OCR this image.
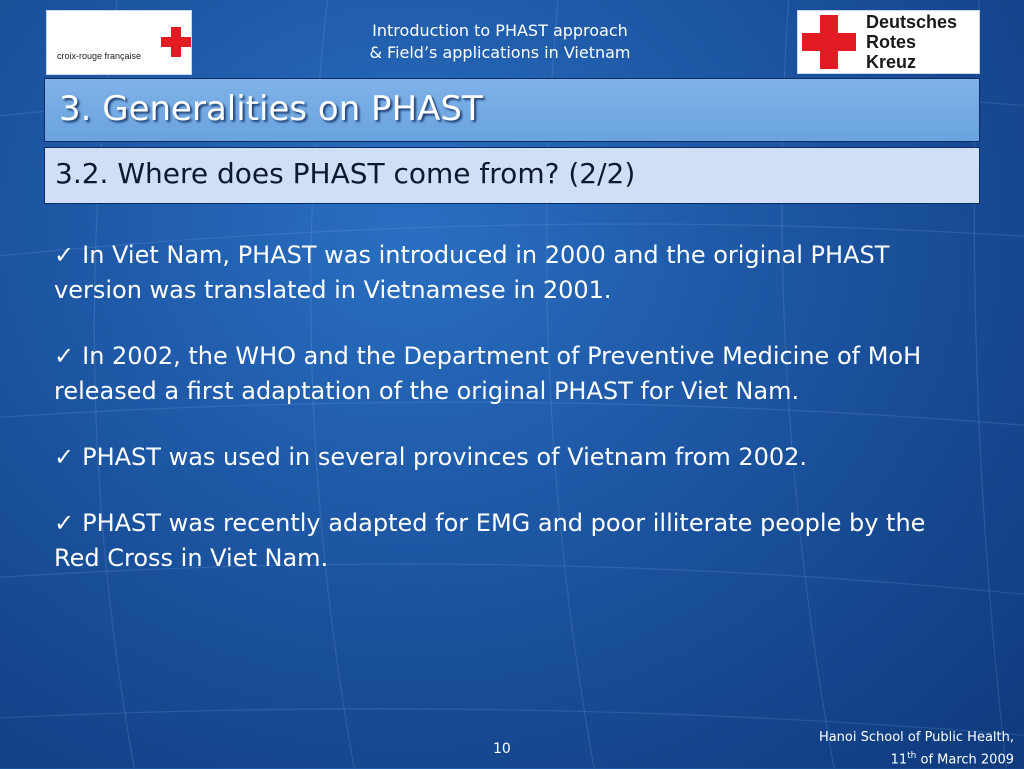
croix-rouge française
Introduction to PHAST approach
& Field’s applications in Vietnam
Deutsches
Rotes
Kreuz
3. Generalities on PHAST
3.2. Where does PHAST come from? (2/2)

✓ In Viet Nam, PHAST was introduced in 2000 and the original PHAST version was translated in Vietnamese in 2001.

✓ In 2002, the WHO and the Department of Preventive Medicine of MoH released a first adaptation of the original PHAST for Viet Nam.

✓ PHAST was used in several provinces of Vietnam from 2002.

✓ PHAST was recently adapted for EMG and poor illiterate people by the Red Cross in Viet Nam.

10
Hanoi School of Public Health,
11th of March 2009
